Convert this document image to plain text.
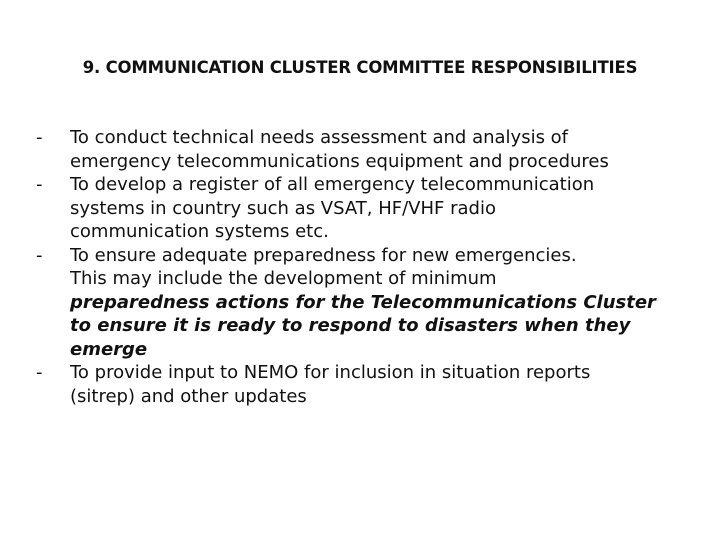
9. COMMUNICATION CLUSTER COMMITTEE RESPONSIBILITIES
-	To conduct technical needs assessment and analysis of
emergency telecommunications equipment and procedures
-	To develop a register of all emergency telecommunication
systems in country such as VSAT, HF/VHF radio
communication systems etc.
-	To ensure adequate preparedness for new emergencies.
This may include the development of minimum
preparedness actions for the Telecommunications Cluster
to ensure it is ready to respond to disasters when they
emerge
-	To provide input to NEMO for inclusion in situation reports
(sitrep) and other updates
